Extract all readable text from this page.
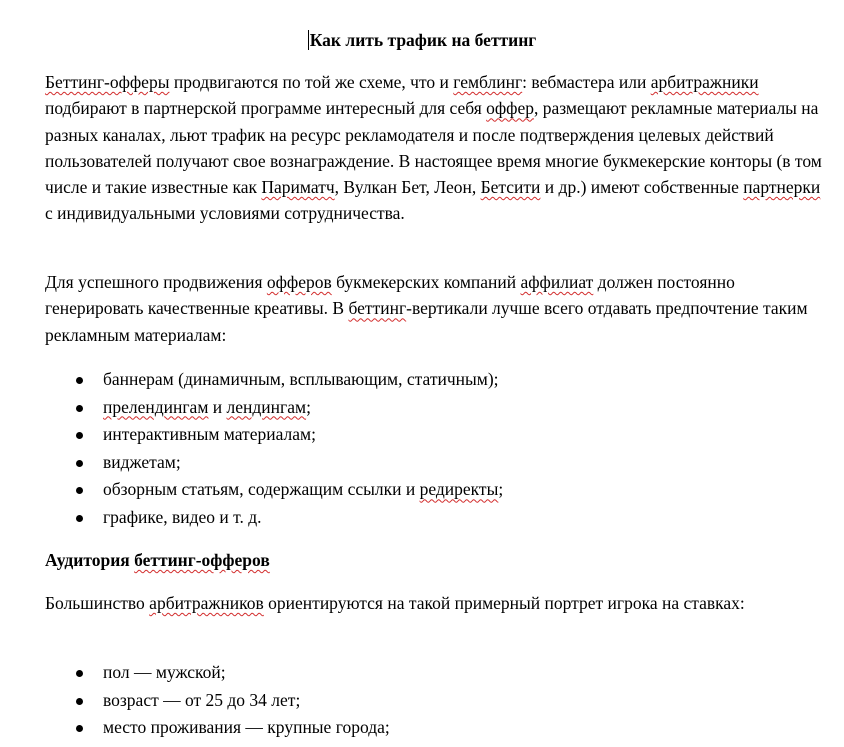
Как лить трафик на беттинг

Беттинг-офферы продвигаются по той же схеме, что и гемблинг: вебмастера или арбитражники подбирают в партнерской программе интересный для себя оффер, размещают рекламные материалы на разных каналах, льют трафик на ресурс рекламодателя и после подтверждения целевых действий пользователей получают свое вознаграждение. В настоящее время многие букмекерские конторы (в том числе и такие известные как Париматч, Вулкан Бет, Леон, Бетсити и др.) имеют собственные партнерки с индивидуальными условиями сотрудничества.

Для успешного продвижения офферов букмекерских компаний аффилиат должен постоянно генерировать качественные креативы. В беттинг-вертикали лучше всего отдавать предпочтение таким рекламным материалам:

баннерам (динамичным, всплывающим, статичным);
прелендингам и лендингам;
интерактивным материалам;
виджетам;
обзорным статьям, содержащим ссылки и редиректы;
графике, видео и т. д.
Аудитория беттинг-офферов

Большинство арбитражников ориентируются на такой примерный портрет игрока на ставках:

пол — мужской;
возраст — от 25 до 34 лет;
место проживания — крупные города;
